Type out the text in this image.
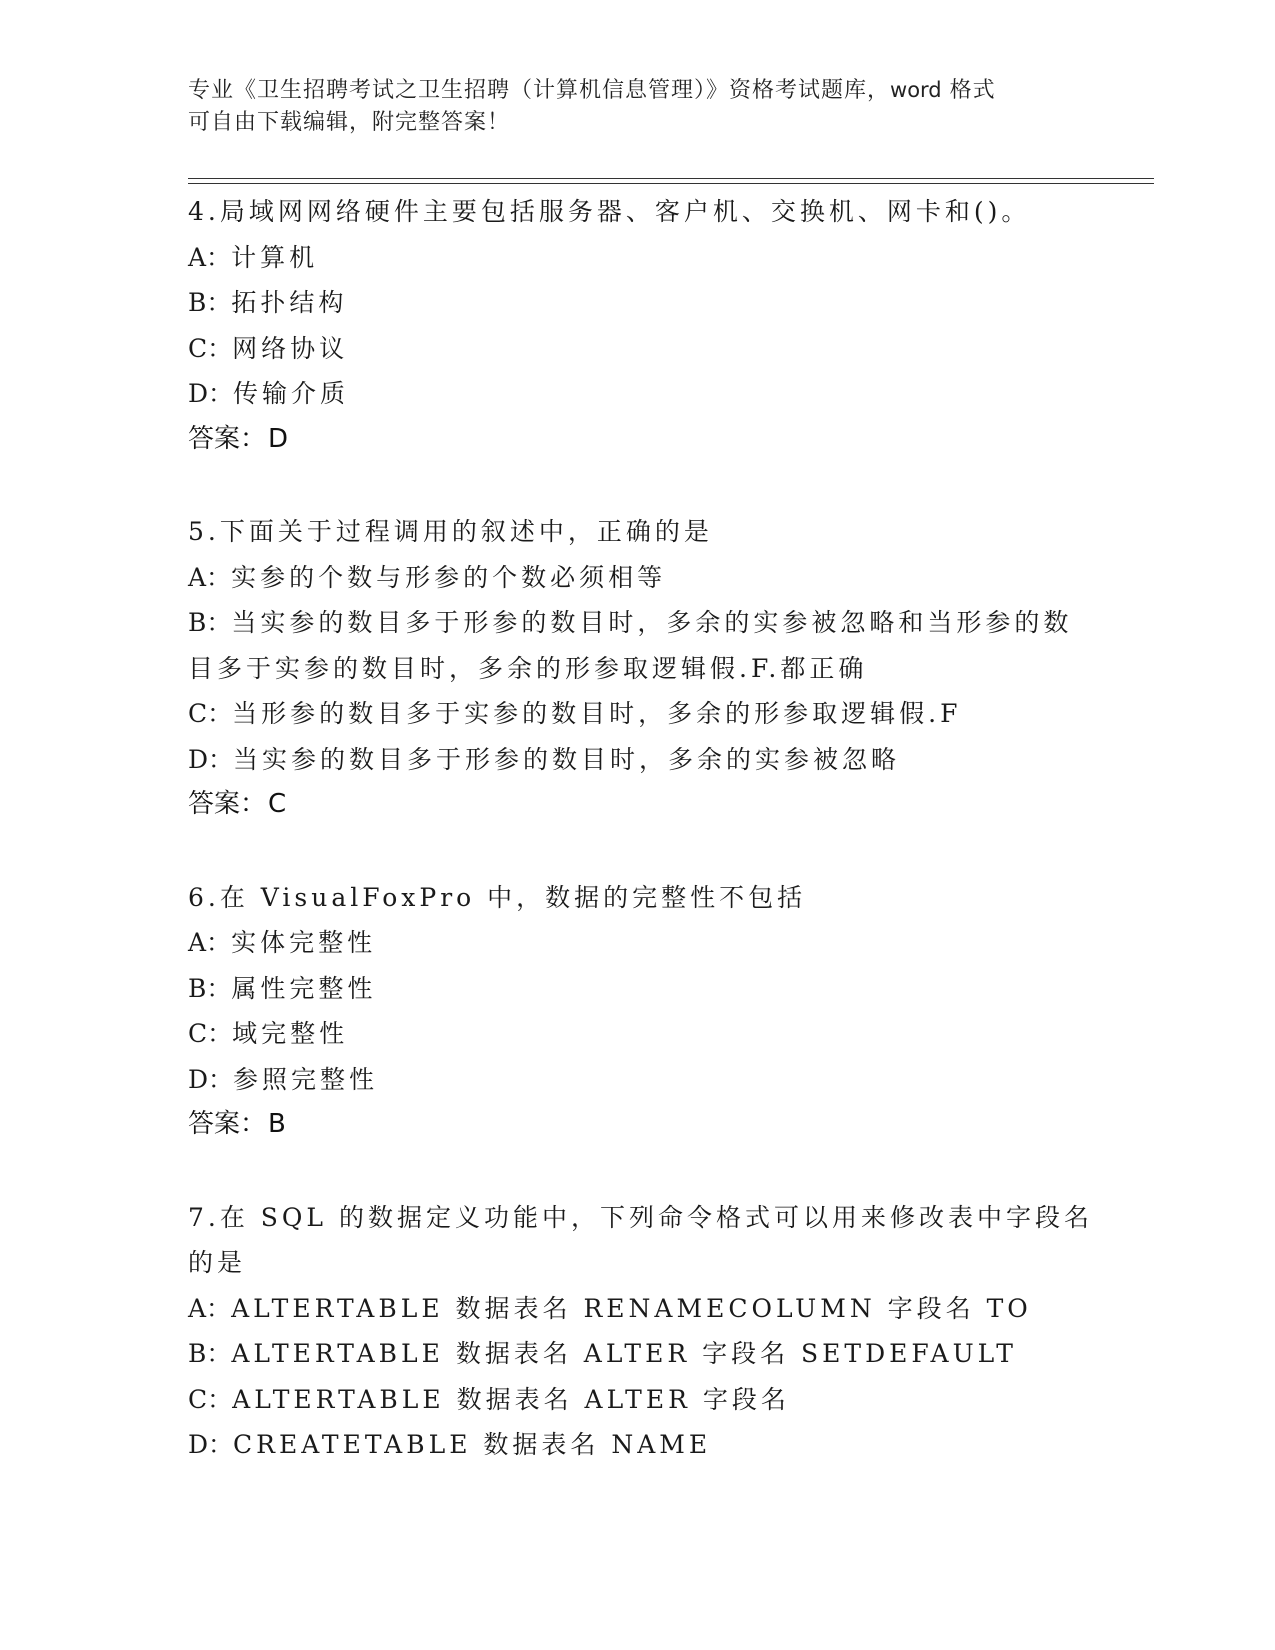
专业《卫生招聘考试之卫生招聘（计算机信息管理）》资格考试题库，word 格式
可自由下载编辑，附完整答案！
4.局域网网络硬件主要包括服务器、客户机、交换机、网卡和()。
A：计算机
B：拓扑结构
C：网络协议
D：传输介质
答案：D
5.下面关于过程调用的叙述中，正确的是
A：实参的个数与形参的个数必须相等
B：当实参的数目多于形参的数目时，多余的实参被忽略和当形参的数
目多于实参的数目时，多余的形参取逻辑假.F.都正确
C：当形参的数目多于实参的数目时，多余的形参取逻辑假.F
D：当实参的数目多于形参的数目时，多余的实参被忽略
答案：C
6.在 VisualFoxPro 中，数据的完整性不包括
A：实体完整性
B：属性完整性
C：域完整性
D：参照完整性
答案：B
7.在 SQL 的数据定义功能中，下列命令格式可以用来修改表中字段名
的是
A：ALTERTABLE 数据表名 RENAMECOLUMN 字段名 TO
B：ALTERTABLE 数据表名 ALTER 字段名 SETDEFAULT
C：ALTERTABLE 数据表名 ALTER 字段名
D：CREATETABLE 数据表名 NAME
